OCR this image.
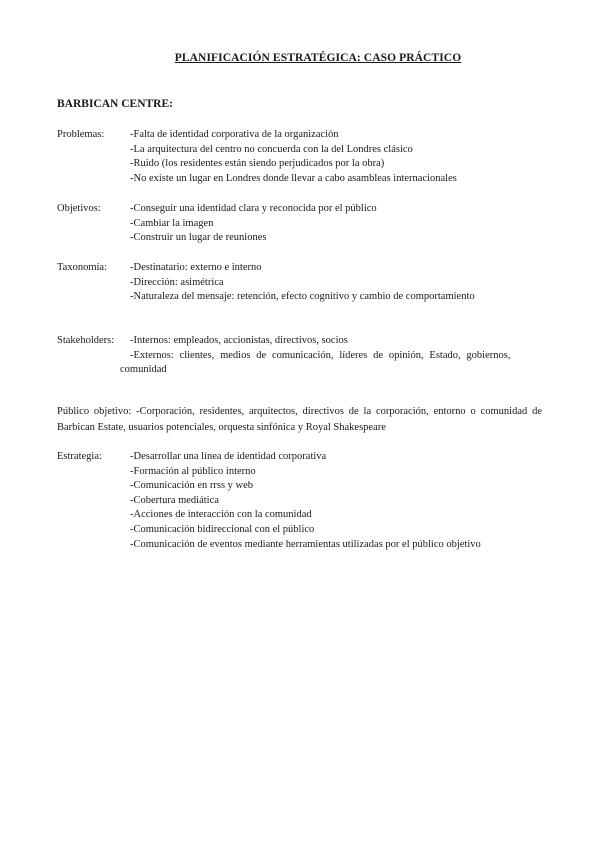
PLANIFICACIÓN ESTRATÉGICA: CASO PRÁCTICO
BARBICAN CENTRE:
Problemas: -Falta de identidad corporativa de la organización
-La arquitectura del centro no concuerda con la del Londres clásico
-Ruido (los residentes están siendo perjudicados por la obra)
-No existe un lugar en Londres donde llevar a cabo asambleas internacionales
Objetivos:	-Conseguir una identidad clara y reconocida por el público
-Cambiar la imagen
-Construir un lugar de reuniones
Taxonomía: -Destinatario: externo e interno
-Dirección: asimétrica
-Naturaleza del mensaje: retención, efecto cognitivo y cambio de comportamiento
Stakeholders: -Internos: empleados, accionistas, directivos, socios
-Externos: clientes, medios de comunicación, líderes de opinión, Estado, gobiernos,
comunidad
Público objetivo: -Corporación, residentes, arquitectos, directivos de la corporación, entorno o comunidad de Barbican Estate, usuarios potenciales, orquesta sinfónica y Royal Shakespeare
Estrategia:	-Desarrollar una línea de identidad corporativa
-Formación al público interno
-Comunicación en rrss y web
-Cobertura mediática
-Acciones de interacción con la comunidad
-Comunicación bidireccional con el público
-Comunicación de eventos mediante herramientas utilizadas por el público objetivo
